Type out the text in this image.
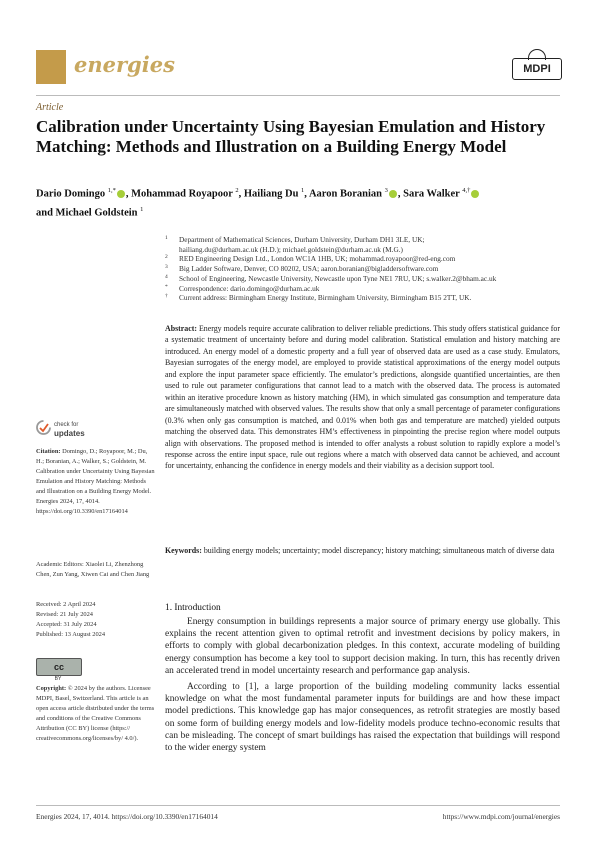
energies	MDPI
Article
Calibration under Uncertainty Using Bayesian Emulation and History Matching: Methods and Illustration on a Building Energy Model
Dario Domingo $^{1,*}$ , Mohammad Royapoor $^2$, Hailiang Du $^1$, Aaron Boranian $^3$ , Sara Walker $^{4,\dagger}$
and Michael Goldstein $^1$
1 Department of Mathematical Sciences, Durham University, Durham DH1 3LE, UK;
hailiang.du@durham.ac.uk (H.D.); michael.goldstein@durham.ac.uk (M.G.)
2 RED Engineering Design Ltd., London WC1A 1HB, UK; mohammad.royapoor@red-eng.com
3 Big Ladder Software, Denver, CO 80202, USA; aaron.boranian@bigladdersoftware.com
4 School of Engineering, Newcastle University, Newcastle upon Tyne NE1 7RU, UK; s.walker.2@bham.ac.uk
* Correspondence: dario.domingo@durham.ac.uk
† Current address: Birmingham Energy Institute, Birmingham University, Birmingham B15 2TT, UK.
Abstract: Energy models require accurate calibration to deliver reliable predictions. This study offers statistical guidance for a systematic treatment of uncertainty before and during model calibration. Statistical emulation and history matching are introduced. An energy model of a domestic property and a full year of observed data are used as a case study. Emulators, Bayesian surrogates of the energy model, are employed to provide statistical approximations of the energy model outputs and explore the input parameter space efficiently. The emulator’s predictions, alongside quantified uncertainties, are then used to rule out parameter configurations that cannot lead to a match with the observed data. The process is automated within an iterative procedure known as history matching (HM), in which simulated gas consumption and temperature data are simultaneously matched with observed values. The results show that only a small percentage of parameter configurations (0.3% when only gas consumption is matched, and 0.01% when both gas and temperature are matched) yielded outputs matching the observed data. This demonstrates HM’s effectiveness in pinpointing the precise region where model outputs align with observations. The proposed method is intended to offer analysts a robust solution to rapidly explore a model’s response across the entire input space, rule out regions where a match with observed data cannot be achieved, and account for uncertainty, enhancing the confidence in energy models and their viability as a decision support tool.
Keywords: building energy models; uncertainty; model discrepancy; history matching; simultaneous match of diverse data
check for
updates
Citation: Domingo, D.; Royapoor, M.; Du, H.; Boranian, A.; Walker, S.; Goldstein, M. Calibration under Uncertainty Using Bayesian Emulation and History Matching: Methods and Illustration on a Building Energy Model. Energies 2024, 17, 4014. https://doi.org/10.3390/en17164014
Academic Editors: Xiaolei Li, Zhenzhong Chen, Zun Yang, Xiwen Cai and Chen Jiang
Received: 2 April 2024
Revised: 21 July 2024
Accepted: 31 July 2024
Published: 13 August 2024
cc
BY
Copyright: © 2024 by the authors. Licensee MDPI, Basel, Switzerland. This article is an open access article distributed under the terms and conditions of the Creative Commons Attribution (CC BY) license (https:// creativecommons.org/licenses/by/ 4.0/).
1. Introduction

Energy consumption in buildings represents a major source of primary energy use globally. This explains the recent attention given to optimal retrofit and investment decisions by policy makers, in efforts to comply with global decarbonization pledges. In this context, accurate modeling of building energy consumption has become a key tool to support decision making. In turn, this has recently driven an accelerated trend in model uncertainty research and performance gap analysis.

According to [1], a large proportion of the building modeling community lacks essential knowledge on what the most fundamental parameter inputs for buildings are and how these impact model predictions. This knowledge gap has major consequences, as retrofit strategies are mostly based on some form of building energy models and low-fidelity models produce techno-economic results that can be misleading. The concept of smart buildings has raised the expectation that buildings will respond to the wider energy system

Energies 2024, 17, 4014. https://doi.org/10.3390/en17164014	https://www.mdpi.com/journal/energies
